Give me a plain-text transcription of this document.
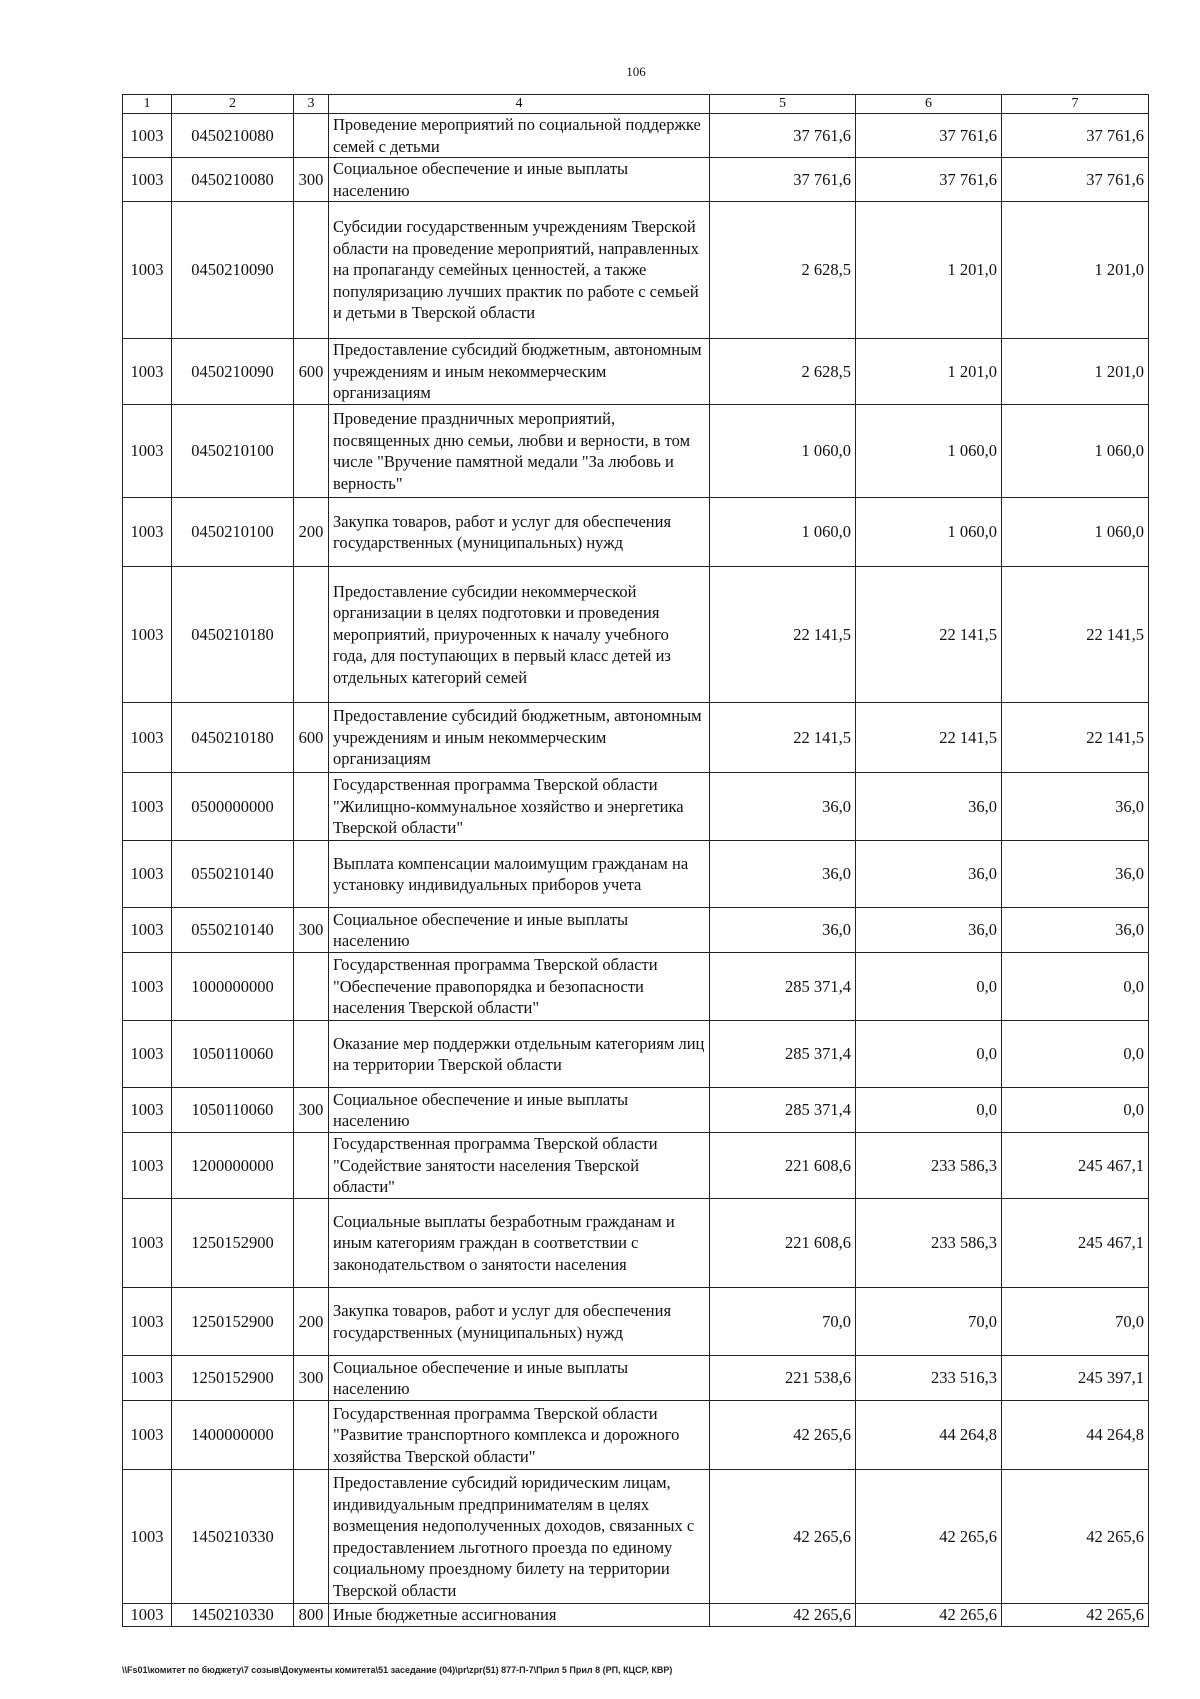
106
1	2	3	4	5	6	7
1003	0450210080		Проведение мероприятий по социальной поддержке семей с детьми	37 761,6	37 761,6	37 761,6
1003	0450210080	300	Социальное обеспечение и иные выплаты населению	37 761,6	37 761,6	37 761,6
1003	0450210090		Субсидии государственным учреждениям Тверской области на проведение мероприятий, направленных на пропаганду семейных ценностей, а также популяризацию лучших практик по работе с семьей и детьми в Тверской области	2 628,5	1 201,0	1 201,0
1003	0450210090	600	Предоставление субсидий бюджетным, автономным учреждениям и иным некоммерческим организациям	2 628,5	1 201,0	1 201,0
1003	0450210100		Проведение праздничных мероприятий, посвященных дню семьи, любви и верности, в том числе "Вручение памятной медали "За любовь и верность"	1 060,0	1 060,0	1 060,0
1003	0450210100	200	Закупка товаров, работ и услуг для обеспечения государственных (муниципальных) нужд	1 060,0	1 060,0	1 060,0
1003	0450210180		Предоставление субсидии некоммерческой организации в целях подготовки и проведения мероприятий, приуроченных к началу учебного года, для поступающих в первый класс детей из отдельных категорий семей	22 141,5	22 141,5	22 141,5
1003	0450210180	600	Предоставление субсидий бюджетным, автономным учреждениям и иным некоммерческим организациям	22 141,5	22 141,5	22 141,5
1003	0500000000		Государственная программа Тверской области "Жилищно-коммунальное хозяйство и энергетика Тверской области"	36,0	36,0	36,0
1003	0550210140		Выплата компенсации малоимущим гражданам на установку индивидуальных приборов учета	36,0	36,0	36,0
1003	0550210140	300	Социальное обеспечение и иные выплаты населению	36,0	36,0	36,0
1003	1000000000		Государственная программа Тверской области "Обеспечение правопорядка и безопасности населения Тверской области"	285 371,4	0,0	0,0
1003	1050110060		Оказание мер поддержки отдельным категориям лиц на территории Тверской области	285 371,4	0,0	0,0
1003	1050110060	300	Социальное обеспечение и иные выплаты населению	285 371,4	0,0	0,0
1003	1200000000		Государственная программа Тверской области "Содействие занятости населения Тверской области"	221 608,6	233 586,3	245 467,1
1003	1250152900		Социальные выплаты безработным гражданам и иным категориям граждан в соответствии с законодательством о занятости населения	221 608,6	233 586,3	245 467,1
1003	1250152900	200	Закупка товаров, работ и услуг для обеспечения государственных (муниципальных) нужд	70,0	70,0	70,0
1003	1250152900	300	Социальное обеспечение и иные выплаты населению	221 538,6	233 516,3	245 397,1
1003	1400000000		Государственная программа Тверской области "Развитие транспортного комплекса и дорожного хозяйства Тверской области"	42 265,6	44 264,8	44 264,8
1003	1450210330		Предоставление субсидий юридическим лицам, индивидуальным предпринимателям в целях возмещения недополученных доходов, связанных с предоставлением льготного проезда по единому социальному проездному билету на территории Тверской области	42 265,6	42 265,6	42 265,6
1003	1450210330	800	Иные бюджетные ассигнования	42 265,6	42 265,6	42 265,6
\\Fs01\комитет по бюджету\7 созыв\Документы комитета\51 заседание (04)\pr\zpr(51) 877-П-7\Прил 5 Прил 8 (РП, КЦСР, КВР)
